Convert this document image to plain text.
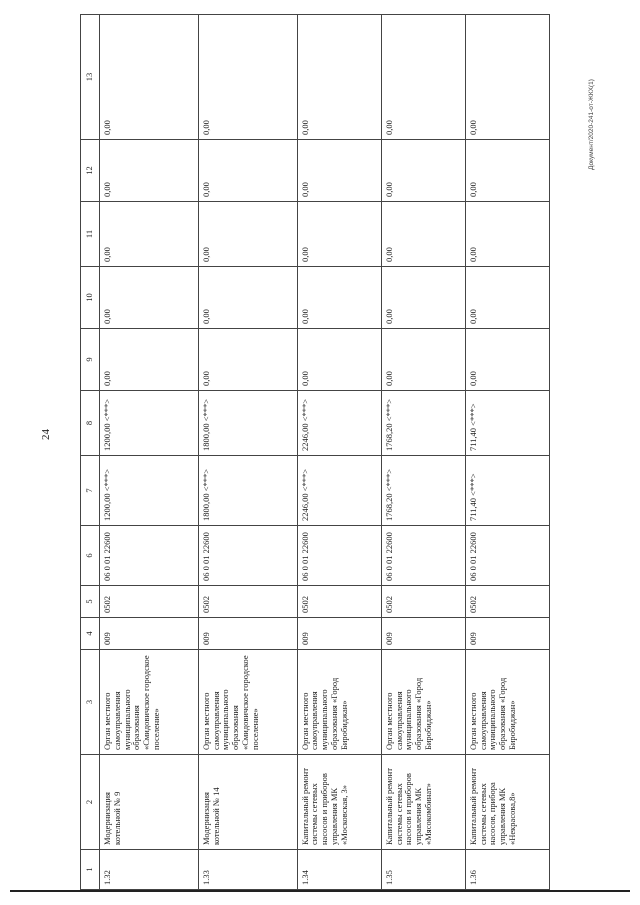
24
1	2	3	4	5	6	7	8	9	10	11	12	13
1.32	Модернизация котельной № 9	Орган местного самоуправления муниципального образования «Смидовичское городское поселение»	009	0502	06 0 01 22600	1200,00 <***>	1200,00 <***>	0,00	0,00	0,00	0,00	0,00
1.33	Модернизация котельной № 14	Орган местного самоуправления муниципального образования «Смидовичское городское поселение»	009	0502	06 0 01 22600	1800,00 <***>	1800,00 <***>	0,00	0,00	0,00	0,00	0,00
1.34	Капитальный ремонт системы сетевых насосов и приборов управления МК «Московская, 3»	Орган местного самоуправления муниципального образования «Город Биробиджан»	009	0502	06 0 01 22600	2246,00 <***>	2246,00 <***>	0,00	0,00	0,00	0,00	0,00
1.35	Капитальный ремонт системы сетевых насосов и приборов управления МК «Мясокомбинат»	Орган местного самоуправления муниципального образования «Город Биробиджан»	009	0502	06 0 01 22600	1768,20 <***>	1768,20 <***>	0,00	0,00	0,00	0,00	0,00
1.36	Капитальный ремонт системы сетевых насосов, прибора управления МК «Некрасова,8»	Орган местного самоуправления муниципального образования «Город Биробиджан»	009	0502	06 0 01 22600	711,40 <***>	711,40 <***>	0,00	0,00	0,00	0,00	0,00	Документ/2020-241-от-ЖКХ(1)
